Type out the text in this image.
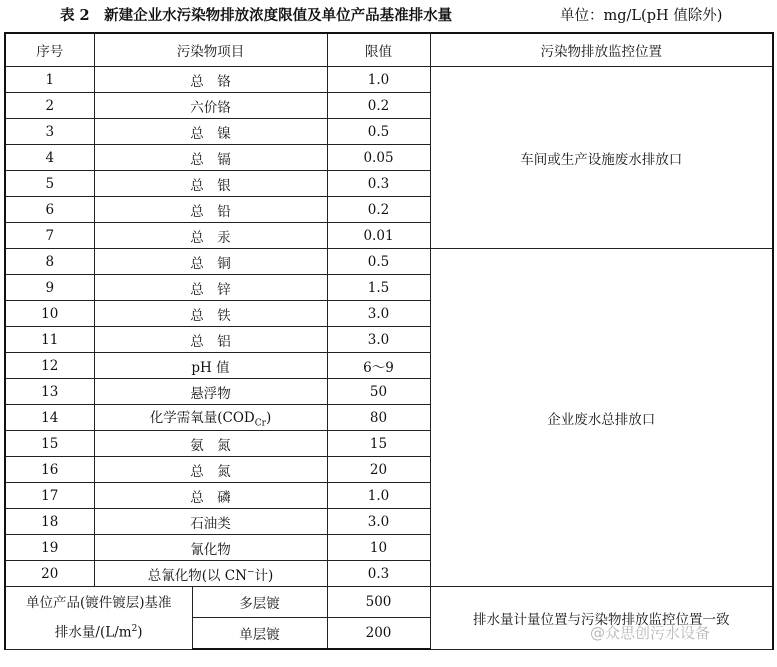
表 2　新建企业水污染物排放浓度限值及单位产品基准排水量	单位：mg/L(pH 值除外)
序号	污染物项目		限值	污染物排放监控位置
1	总　铬		1.0	车间或生产设施废水排放口
2	六价铬		0.2	
3	总　镍		0.5	
4	总　镉		0.05	
5	总　银		0.3	
6	总　铅		0.2	
7	总　汞		0.01	
8	总　铜		0.5	企业废水总排放口
9	总　锌		1.5	
10	总　铁		3.0	
11	总　铝		3.0	
12	pH 值		6～9	
13	悬浮物		50	
14	化学需氧量$(COD_{Cr})$		80	
15	氨　氮		15	
16	总　氮		20	
17	总　磷		1.0	
18	石油类		3.0	
19	氰化物		10	
20	总氰化物(以 CN−计)		0.3	

单位产品(镀件镀层)基准
排水量$/(L/m^2)$		多层镀	500	排水量计量位置与污染物排放监控位置一致
		单层镀	200		@众思创污水设备
